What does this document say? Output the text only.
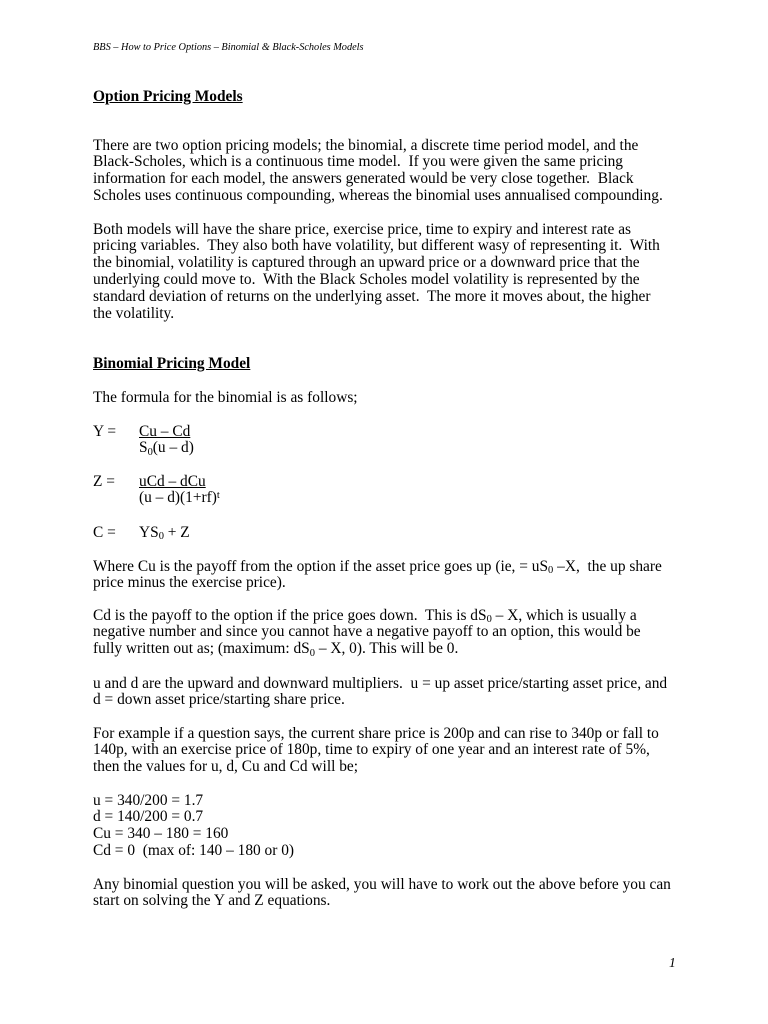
BBS – How to Price Options – Binomial & Black-Scholes Models
Option Pricing Models
There are two option pricing models; the binomial, a discrete time period model, and the
Black-Scholes, which is a continuous time model.  If you were given the same pricing
information for each model, the answers generated would be very close together.  Black
Scholes uses continuous compounding, whereas the binomial uses annualised compounding.
Both models will have the share price, exercise price, time to expiry and interest rate as
pricing variables.  They also both have volatility, but different wasy of representing it.  With
the binomial, volatility is captured through an upward price or a downward price that the
underlying could move to.  With the Black Scholes model volatility is represented by the
standard deviation of returns on the underlying asset.  The more it moves about, the higher
the volatility.
Binomial Pricing Model
The formula for the binomial is as follows;
$Y = \frac{Cu - Cd}{S_0(u - d)}$
Z = uCd – dCu
$(u - d)(1+rf)^t$
$C = YS_0 + Z$
Where Cu is the payoff from the option if the asset price goes up (ie, = $uS_0$ –X,  the up share
price minus the exercise price).
Cd is the payoff to the option if the price goes down.  This is $dS_0$ – X, which is usually a
negative number and since you cannot have a negative payoff to an option, this would be
fully written out as; (maximum: $dS_0$ – X, 0). This will be 0.
u and d are the upward and downward multipliers.  u = up asset price/starting asset price, and
d = down asset price/starting share price.
For example if a question says, the current share price is 200p and can rise to 340p or fall to
140p, with an exercise price of 180p, time to expiry of one year and an interest rate of 5%,
then the values for u, d, Cu and Cd will be;
u = 340/200 = 1.7
d = 140/200 = 0.7
Cu = 340 – 180 = 160
Cd = 0  (max of: 140 – 180 or 0)
Any binomial question you will be asked, you will have to work out the above before you can
start on solving the Y and Z equations.
1
